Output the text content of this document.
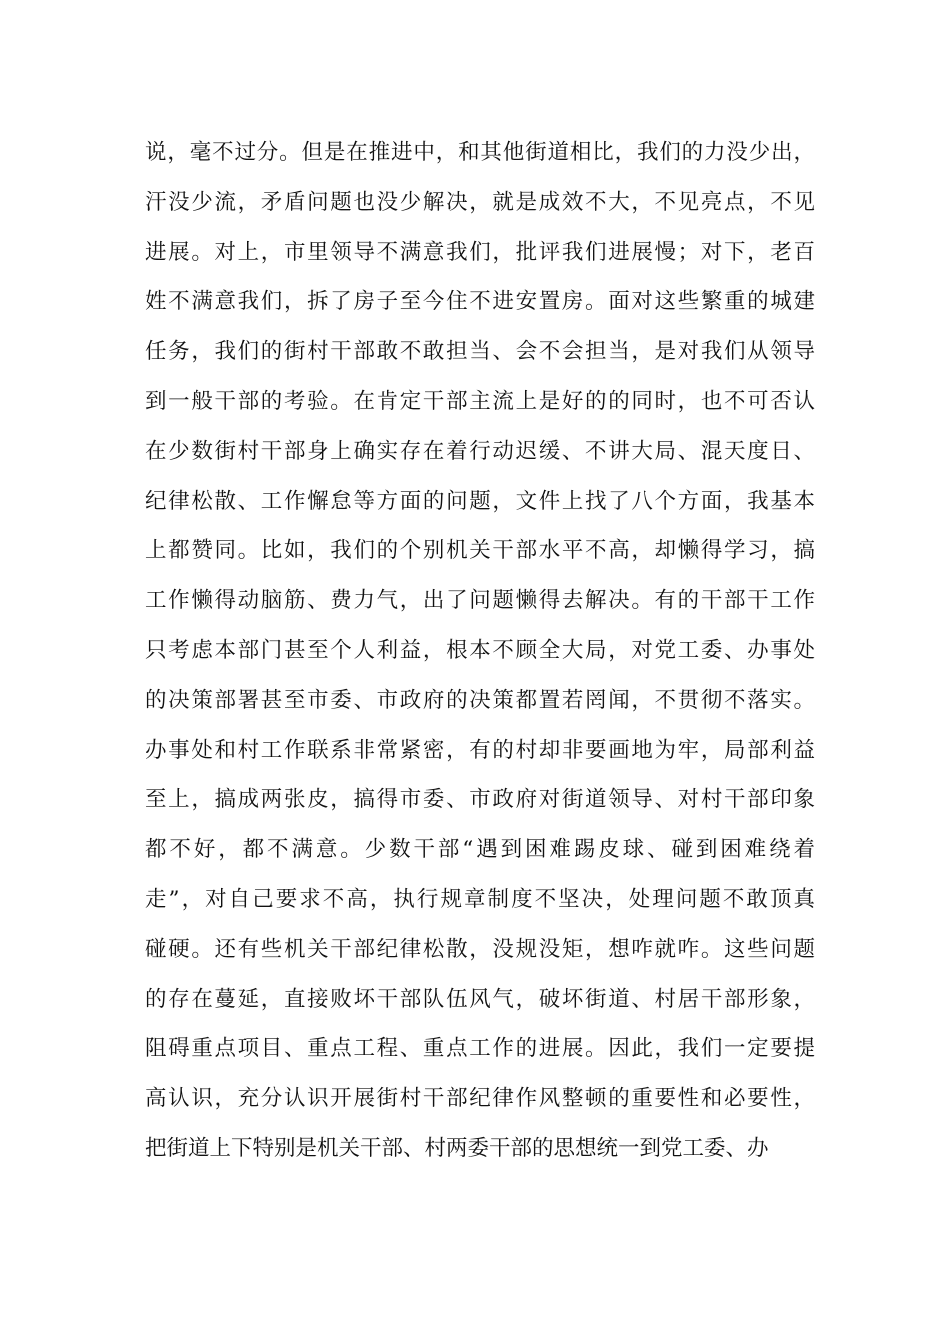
说，毫不过分。但是在推进中，和其他街道相比，我们的力没少出，
汗没少流，矛盾问题也没少解决，就是成效不大，不见亮点，不见
进展。对上，市里领导不满意我们，批评我们进展慢；对下，老百
姓不满意我们，拆了房子至今住不进安置房。面对这些繁重的城建
任务，我们的街村干部敢不敢担当、会不会担当，是对我们从领导
到一般干部的考验。在肯定干部主流上是好的的同时，也不可否认
在少数街村干部身上确实存在着行动迟缓、不讲大局、混天度日、
纪律松散、工作懈怠等方面的问题，文件上找了八个方面，我基本
上都赞同。比如，我们的个别机关干部水平不高，却懒得学习，搞
工作懒得动脑筋、费力气，出了问题懒得去解决。有的干部干工作
只考虑本部门甚至个人利益，根本不顾全大局，对党工委、办事处
的决策部署甚至市委、市政府的决策都置若罔闻，不贯彻不落实。
办事处和村工作联系非常紧密，有的村却非要画地为牢，局部利益
至上，搞成两张皮，搞得市委、市政府对街道领导、对村干部印象
都不好，都不满意。少数干部“遇到困难踢皮球、碰到困难绕着
走”，对自己要求不高，执行规章制度不坚决，处理问题不敢顶真
碰硬。还有些机关干部纪律松散，没规没矩，想咋就咋。这些问题
的存在蔓延，直接败坏干部队伍风气，破坏街道、村居干部形象，
阻碍重点项目、重点工程、重点工作的进展。因此，我们一定要提
高认识，充分认识开展街村干部纪律作风整顿的重要性和必要性，
把街道上下特别是机关干部、村两委干部的思想统一到党工委、办
